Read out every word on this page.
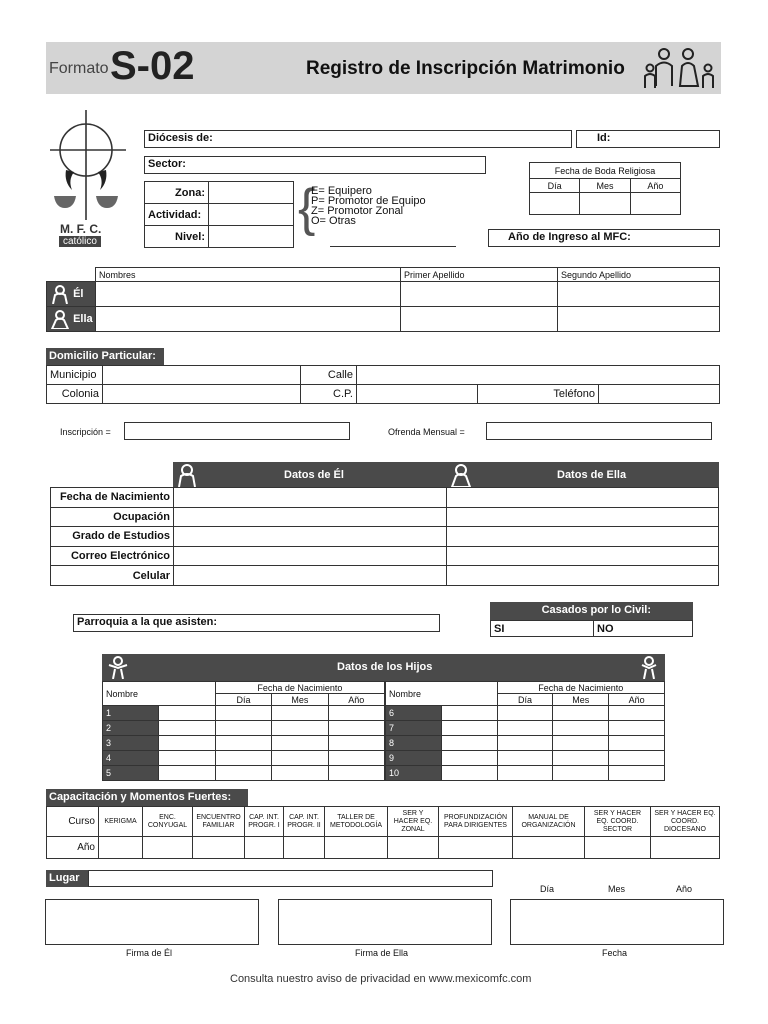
Formato S-02	Registro de Inscripción Matrimonio
M. F. C.
católico
Diócesis de:	Id:
Sector:
Zona:	
Actividad:	
Nivel:	{
E= Equipero
P= Promotor de Equipo
Z= Promotor Zonal
O= Otras
Fecha de Boda Religiosa		
Día	Mes	Año

Año de Ingreso al MFC:
	Nombres	Primer Apellido	Segundo Apellido
Él			
Ella			
Domicilio Particular:
Municipio		Calle			
Colonia		C.P.		Teléfono	
Inscripción =	Ofrenda Mensual =
Datos de Él	Datos de Ella
Fecha de Nacimiento		
Ocupación		
Grado de Estudios		
Correo Electrónico		
Celular		
Parroquia a la que asisten:
Casados por lo Civil:
SI	NO
Datos de los Hijos
Nombre		Fecha de Nacimiento		
		Día	Mes	Año
1				
2				
3				
4				
5				
Nombre		Fecha de Nacimiento		
		Día	Mes	Año
6				
7				
8				
9				
10				
Capacitación y Momentos Fuertes:
Curso	KERIGMA	ENC. CONYUGAL	ENCUENTRO FAMILIAR	CAP. INT. PROGR. I	CAP. INT. PROGR. II	TALLER DE METODOLOGÍA	SER Y HACER EQ. ZONAL	PROFUNDIZACIÓN PARA DIRIGENTES	MANUAL DE ORGANIZACIÓN	SER Y HACER EQ. COORD. SECTOR	SER Y HACER EQ. COORD. DIOCESANO
Año											
Lugar
Día	Mes	Año
Firma de Él	Firma de Ella	Fecha
Consulta nuestro aviso de privacidad en www.mexicomfc.com
